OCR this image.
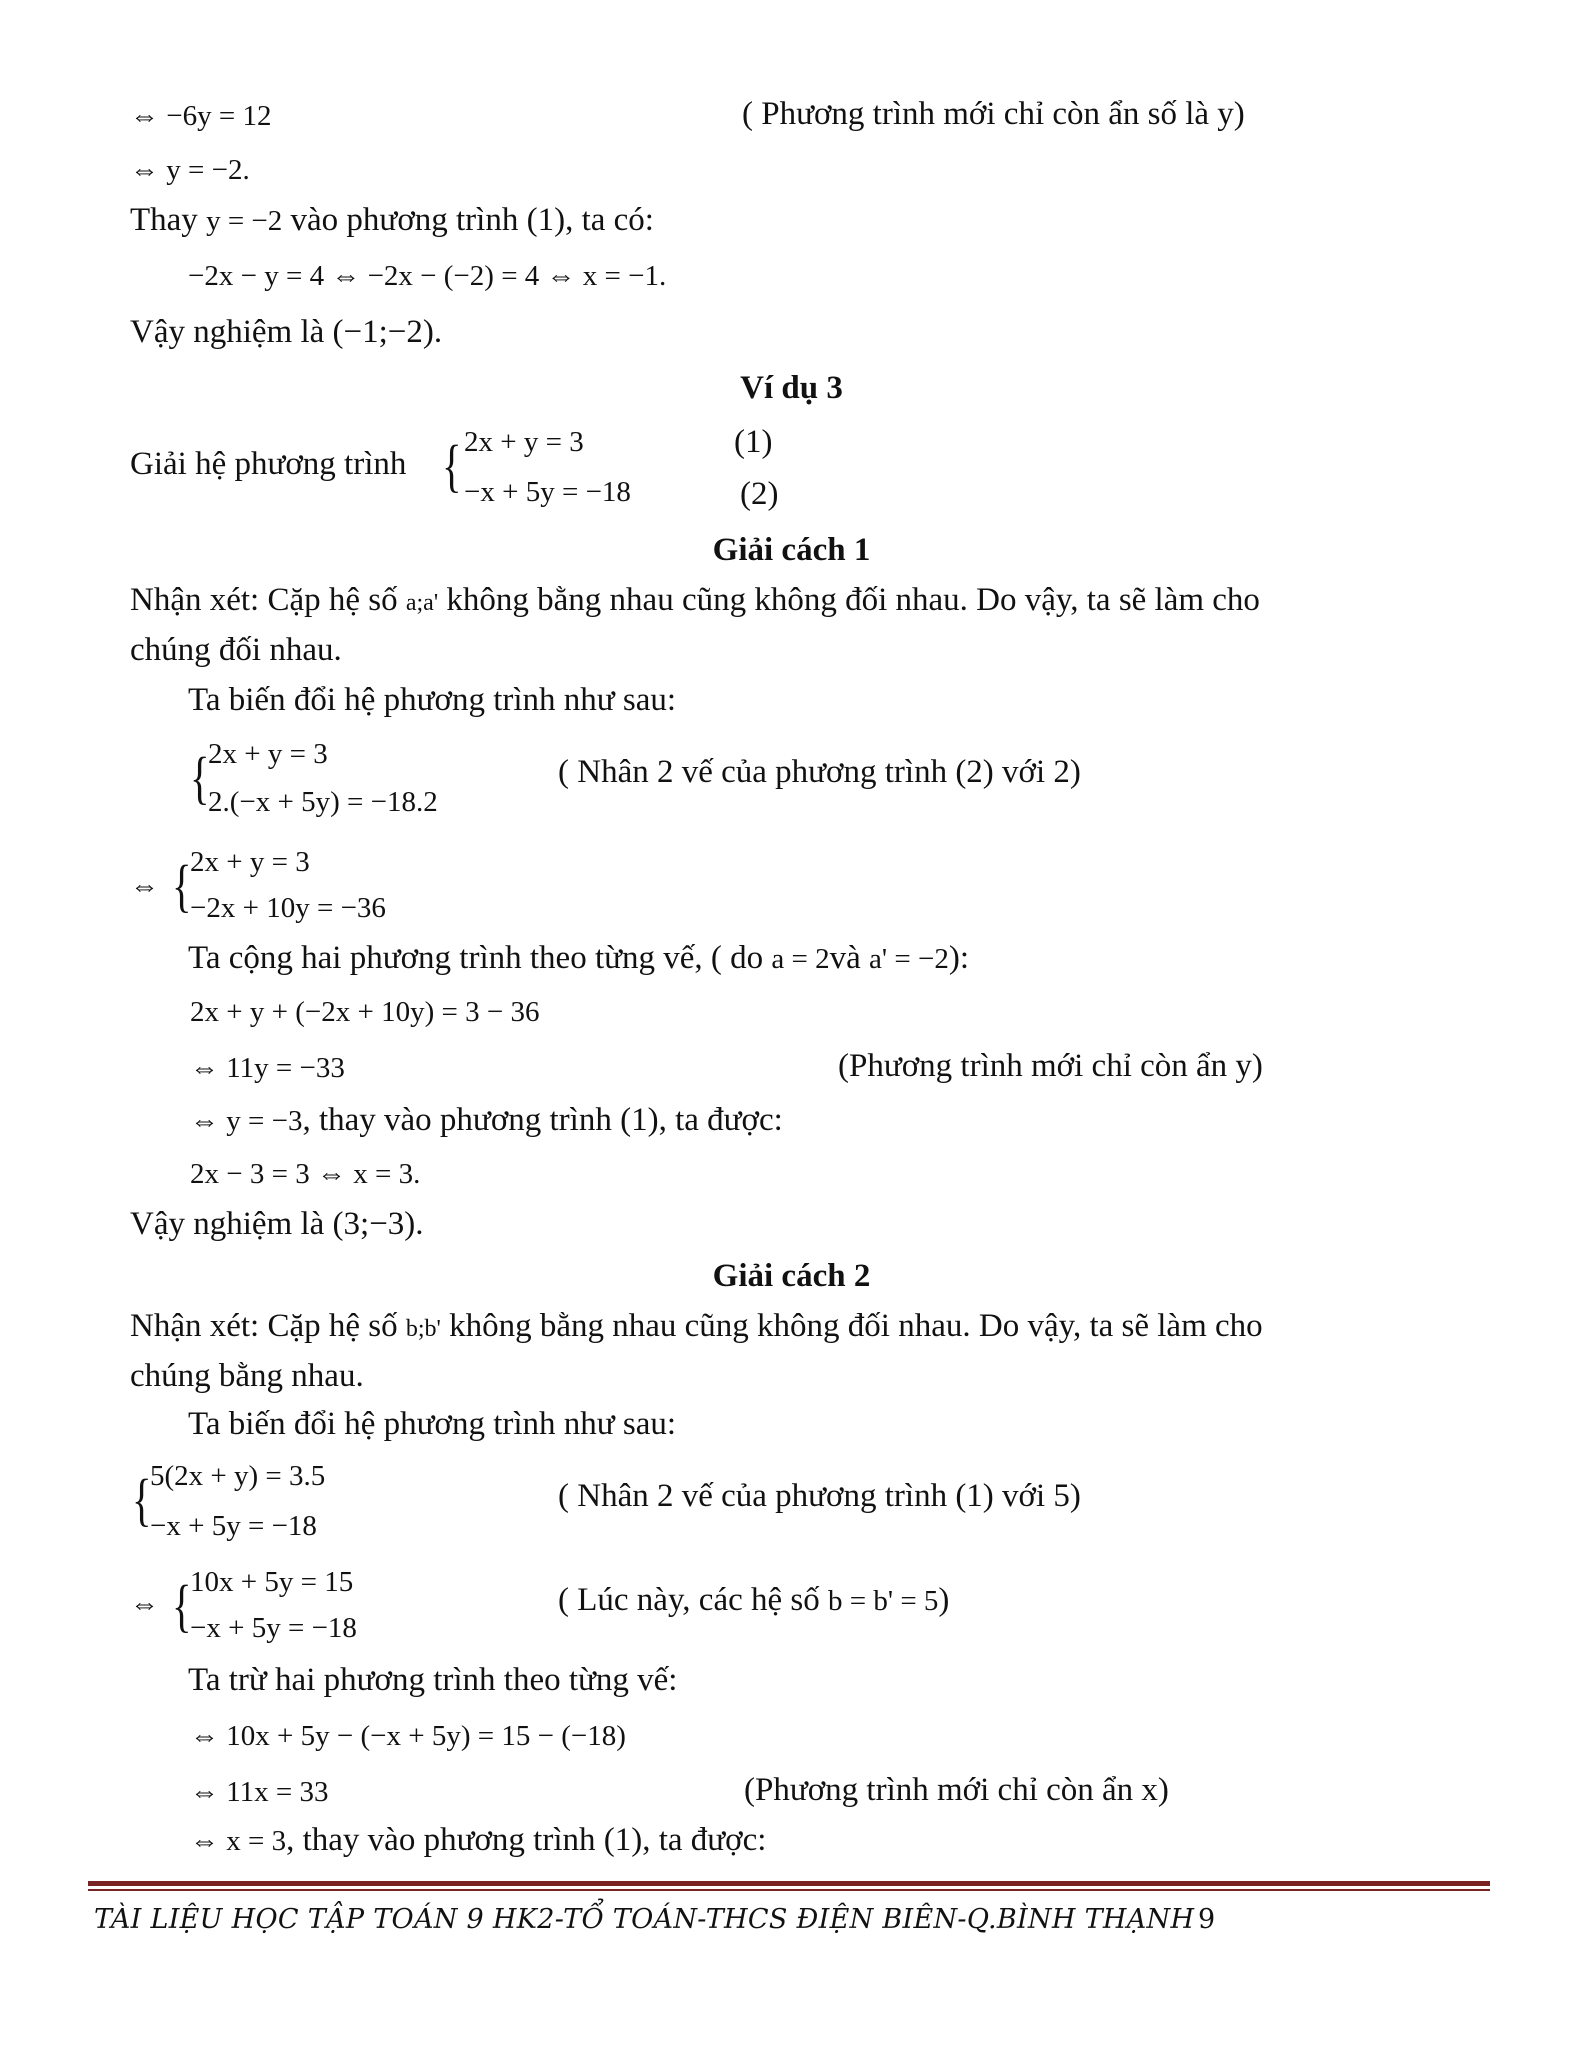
⇔ −6y = 12	( Phương trình mới chỉ còn ẩn số là y)
⇔ y = −2.
Thay y = −2 vào phương trình (1), ta có:
−2x − y = 4 ⇔ −2x − (−2) = 4 ⇔ x = −1.
Vậy nghiệm là (−1;−2).
Ví dụ 3
Giải hệ phương trình { 2x + y = 3
−x + 5y = −18
(1)
(2)
Giải cách 1
Nhận xét: Cặp hệ số a;a' không bằng nhau cũng không đối nhau. Do vậy, ta sẽ làm cho
chúng đối nhau.
Ta biến đổi hệ phương trình như sau:
{
2x + y = 3
2.(−x + 5y) = −18.2
( Nhân 2 vế của phương trình (2) với 2)
⇔ {
2x + y = 3
−2x + 10y = −36
Ta cộng hai phương trình theo từng vế, ( do a = 2và a' = −2):
2x + y + (−2x + 10y) = 3 − 36
⇔ 11y = −33	(Phương trình mới chỉ còn ẩn y)
⇔ y = −3, thay vào phương trình (1), ta được:
2x − 3 = 3 ⇔ x = 3.
Vậy nghiệm là (3;−3).
Giải cách 2
Nhận xét: Cặp hệ số b;b' không bằng nhau cũng không đối nhau. Do vậy, ta sẽ làm cho
chúng bằng nhau.
Ta biến đổi hệ phương trình như sau:
{
5(2x + y) = 3.5
−x + 5y = −18
( Nhân 2 vế của phương trình (1) với 5)
⇔ {
10x + 5y = 15
−x + 5y = −18
( Lúc này, các hệ số b = b' = 5)
Ta trừ hai phương trình theo từng vế:
⇔ 10x + 5y − (−x + 5y) = 15 − (−18)
⇔ 11x = 33	(Phương trình mới chỉ còn ẩn x)
⇔ x = 3, thay vào phương trình (1), ta được:
TÀI LIỆU HỌC TẬP TOÁN 9 HK2-TỔ TOÁN-THCS ĐIỆN BIÊN-Q.BÌNH THẠNH 9
